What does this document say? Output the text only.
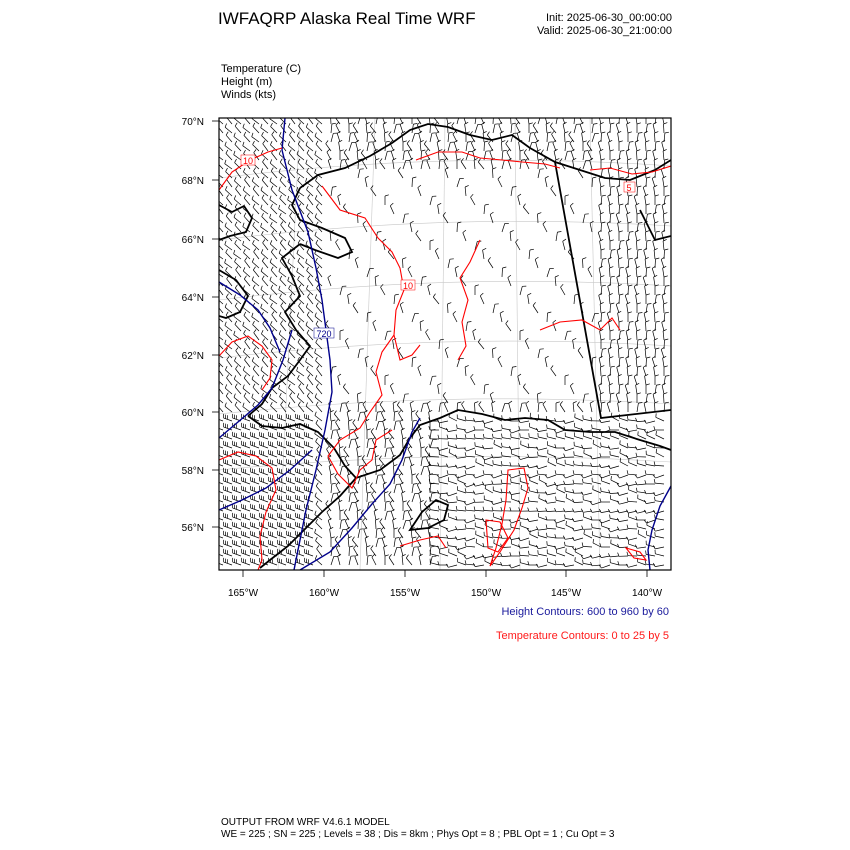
IWFAQRP Alaska Real Time WRF	Init: 2025-06-30_00:00:00
Valid: 2025-06-30_21:00:00
Temperature (C)
Height (m)
Winds (kts)
10
10
5
720
70°N
68°N
66°N
64°N
62°N
60°N
58°N
56°N
165°W	160°W	155°W	150°W	145°W	140°W
Height Contours: 600 to 960 by 60
Temperature Contours: 0 to 25 by 5
OUTPUT FROM WRF V4.6.1 MODEL
WE = 225 ; SN = 225 ; Levels = 38 ; Dis = 8km ; Phys Opt = 8 ; PBL Opt = 1 ; Cu Opt = 3
